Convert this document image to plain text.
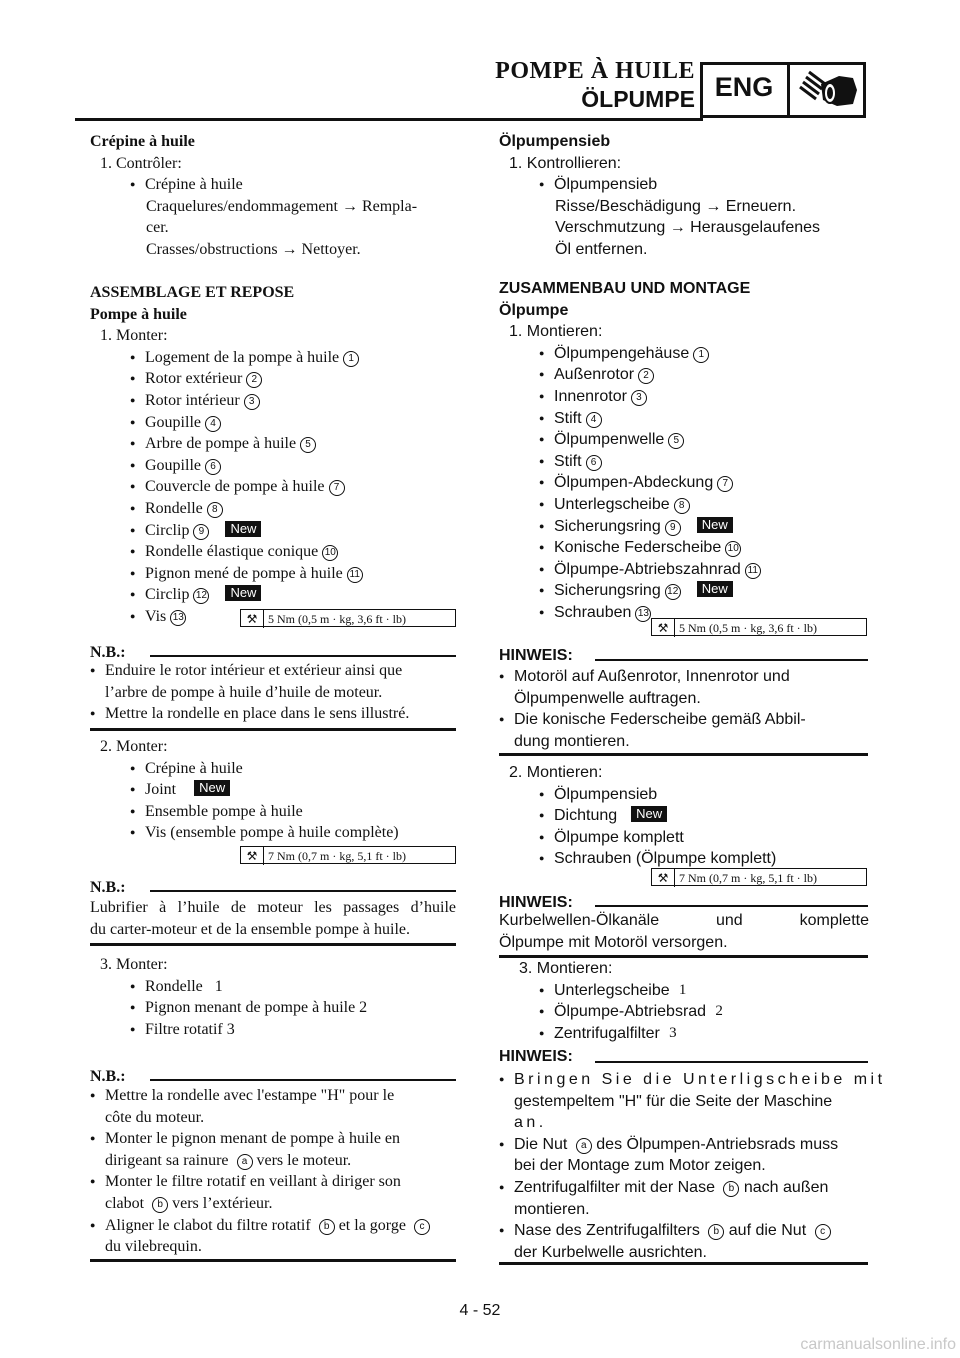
POMPE À HUILE
ÖLPUMPE ENG
Crépine à huile
1. Contrôler:
● Crépine à huile
Craquelures/endommagement → Rempla-
cer.
Crasses/obstructions → Nettoyer.
ASSEMBLAGE ET REPOSE
Pompe à huile
1. Monter:
● Logement de la pompe à huile 1
● Rotor extérieur 2
● Rotor intérieur 3
● Goupille 4
● Arbre de pompe à huile 5
● Goupille 6
● Couvercle de pompe à huile 7
● Rondelle 8
● Circlip 9 New
● Rondelle élastique conique 10
● Pignon mené de pompe à huile 11
● Circlip 12 New
● Vis 13	⚒ 5 Nm (0,5 m · kg, 3,6 ft · lb)
N.B.:
● Enduire le rotor intérieur et extérieur ainsi que
l’arbre de pompe à huile d’huile de moteur.
● Mettre la rondelle en place dans le sens illustré.
2. Monter:
● Crépine à huile
● Joint New
● Ensemble pompe à huile
● Vis (ensemble pompe à huile complète)
⚒ 7 Nm (0,7 m · kg, 5,1 ft · lb)
N.B.:
Lubrifier à l’huile de moteur les passages d’huile
du carter-moteur et de la ensemble pompe à huile.
3. Monter:
● Rondelle   1
● Pignon menant de pompe à huile 2
● Filtre rotatif 3
N.B.:
● Mettre la rondelle avec l'estampe "H" pour le
côte du moteur.
● Monter le pignon menant de pompe à huile en
dirigeant sa rainure a vers le moteur.
● Monter le filtre rotatif en veillant à diriger son
clabot b vers l’extérieur.
● Aligner le clabot du filtre rotatif b et la gorge c
du vilebrequin.
Ölpumpensieb
1. Kontrollieren:
● Ölpumpensieb
Risse/Beschädigung → Erneuern.
Verschmutzung → Herausgelaufenes
Öl entfernen.
ZUSAMMENBAU UND MONTAGE
Ölpumpe
1. Montieren:
● Ölpumpengehäuse 1
● Außenrotor 2
● Innenrotor 3
● Stift 4
● Ölpumpenwelle 5
● Stift 6
● Ölpumpen-Abdeckung 7
● Unterlegscheibe 8
● Sicherungsring 9 New
● Konische Federscheibe 10
● Ölpumpe-Abtriebszahnrad 11
● Sicherungsring 12 New
● Schrauben 13
⚒ 5 Nm (0,5 m · kg, 3,6 ft · lb)
HINWEIS:
● Motoröl auf Außenrotor, Innenrotor und
Ölpumpenwelle auftragen.
● Die konische Federscheibe gemäß Abbil-
dung montieren.
2. Montieren:
● Ölpumpensieb
● Dichtung New
● Ölpumpe komplett
● Schrauben (Ölpumpe komplett)
⚒ 7 Nm (0,7 m · kg, 5,1 ft · lb)
HINWEIS:
Kurbelwellen-Ölkanäle und komplette
Ölpumpe mit Motoröl versorgen.
3. Montieren:
● Unterlegscheibe 1
● Ölpumpe-Abtriebsrad 2
● Zentrifugalfilter 3
HINWEIS:
● Bringen Sie die Unterligscheibe mit
gestempeltem "H" für die Seite der Maschine
an.
● Die Nut a des Ölpumpen-Antriebsrads muss
bei der Montage zum Motor zeigen.
● Zentrifugalfilter mit der Nase b nach außen
montieren.
● Nase des Zentrifugalfilters b auf die Nut c
der Kurbelwelle ausrichten.
4 - 52
carmanualsonline.info
